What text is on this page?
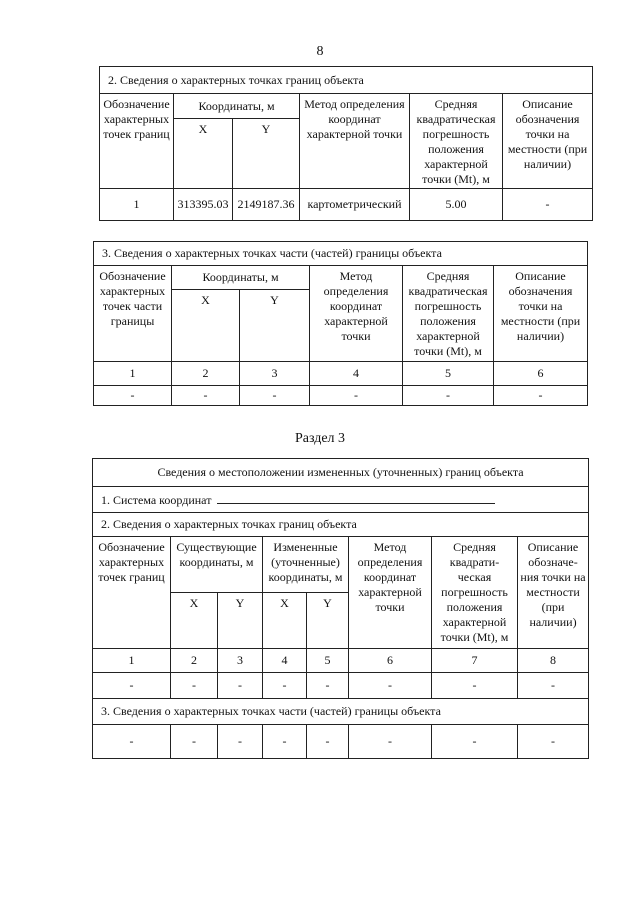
8
2. Сведения о характерных точках границ объекта					
Обозначение характерных точек границ	Координаты, м		Метод определения координат характерной точки	Средняя квадратическая погрешность положения характерной точки (Mt), м	Описание обозначения точки на местности (при наличии)
	X	Y			
1	313395.03	2149187.36	картометрический	5.00	-
3. Сведения о характерных точках части (частей) границы объекта					
Обозначение характерных точек части границы	Координаты, м		Метод определения координат характерной точки	Средняя квадратическая погрешность положения характерной точки (Mt), м	Описание обозначения точки на местности (при наличии)
	X	Y			
1	2	3	4	5	6
-	-	-	-	-	-
Раздел 3
Сведения о местоположении измененных (уточненных) границ объекта							
1. Система координат							
2. Сведения о характерных точках границ объекта							
Обозначение характерных точек границ	Существующие координаты, м		Измененные (уточненные) координаты, м		Метод определения координат характерной точки	Средняя квадрати-ческая погрешность положения характерной точки (Mt), м	Описание обозначе-ния точки на местности (при наличии)
	X	Y	X	Y			
1	2	3	4	5	6	7	8
-	-	-	-	-	-	-	-
3. Сведения о характерных точках части (частей) границы объекта							
-	-	-	-	-	-	-	-
